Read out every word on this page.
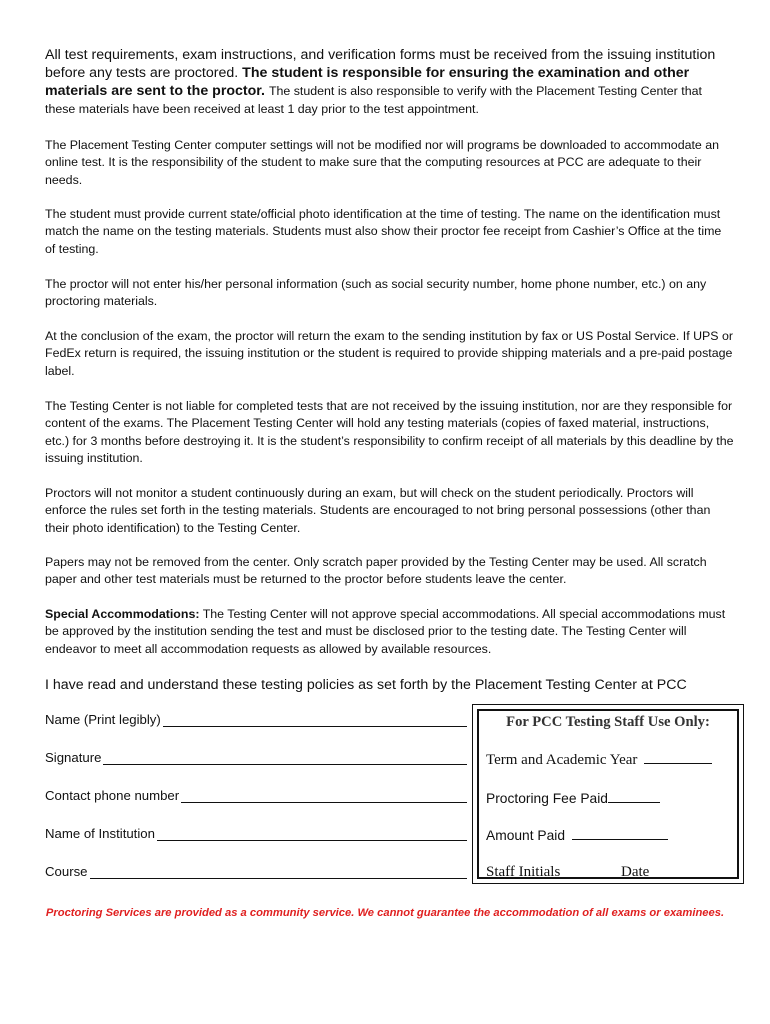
All test requirements, exam instructions, and verification forms must be received from the issuing institution before any tests are proctored. The student is responsible for ensuring the examination and other materials are sent to the proctor. The student is also responsible to verify with the Placement Testing Center that these materials have been received at least 1 day prior to the test appointment.
The Placement Testing Center computer settings will not be modified nor will programs be downloaded to accommodate an online test. It is the responsibility of the student to make sure that the computing resources at PCC are adequate to their needs.
The student must provide current state/official photo identification at the time of testing. The name on the identification must match the name on the testing materials. Students must also show their proctor fee receipt from Cashier’s Office at the time of testing.
The proctor will not enter his/her personal information (such as social security number, home phone number, etc.) on any proctoring materials.
At the conclusion of the exam, the proctor will return the exam to the sending institution by fax or US Postal Service. If UPS or FedEx return is required, the issuing institution or the student is required to provide shipping materials and a pre-paid postage label.
The Testing Center is not liable for completed tests that are not received by the issuing institution, nor are they responsible for content of the exams. The Placement Testing Center will hold any testing materials (copies of faxed material, instructions, etc.) for 3 months before destroying it. It is the student’s responsibility to confirm receipt of all materials by this deadline by the issuing institution.
Proctors will not monitor a student continuously during an exam, but will check on the student periodically. Proctors will enforce the rules set forth in the testing materials. Students are encouraged to not bring personal possessions (other than their photo identification) to the Testing Center.
Papers may not be removed from the center. Only scratch paper provided by the Testing Center may be used. All scratch paper and other test materials must be returned to the proctor before students leave the center.
Special Accommodations: The Testing Center will not approve special accommodations. All special accommodations must be approved by the institution sending the test and must be disclosed prior to the testing date. The Testing Center will endeavor to meet all accommodation requests as allowed by available resources.
I have read and understand these testing policies as set forth by the Placement Testing Center at PCC
Name (Print legibly)
Signature
Contact phone number
Name of Institution
Course
For PCC Testing Staff Use Only:
Term and Academic Year
Proctoring Fee Paid
Amount Paid
Staff Initials	Date
Proctoring Services are provided as a community service. We cannot guarantee the accommodation of all exams or examinees.
